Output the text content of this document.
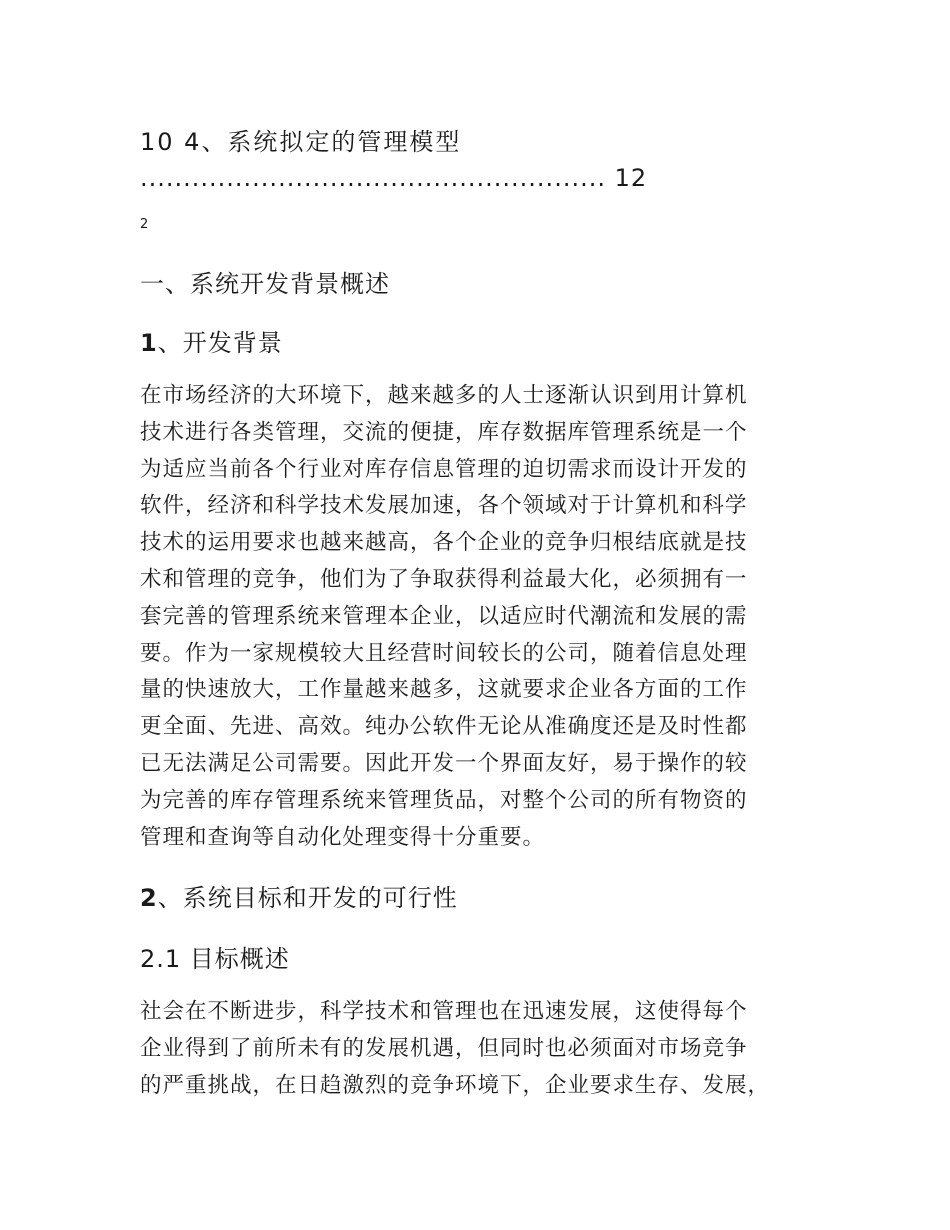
10 4、系统拟定的管理模型
...................................................... 12
2
一、系统开发背景概述
1、开发背景
在市场经济的大环境下，越来越多的人士逐渐认识到用计算机
技术进行各类管理，交流的便捷，库存数据库管理系统是一个
为适应当前各个行业对库存信息管理的迫切需求而设计开发的
软件，经济和科学技术发展加速，各个领域对于计算机和科学
技术的运用要求也越来越高，各个企业的竞争归根结底就是技
术和管理的竞争，他们为了争取获得利益最大化，必须拥有一
套完善的管理系统来管理本企业，以适应时代潮流和发展的需
要。作为一家规模较大且经营时间较长的公司，随着信息处理
量的快速放大，工作量越来越多，这就要求企业各方面的工作
更全面、先进、高效。纯办公软件无论从准确度还是及时性都
已无法满足公司需要。因此开发一个界面友好，易于操作的较
为完善的库存管理系统来管理货品，对整个公司的所有物资的
管理和查询等自动化处理变得十分重要。
2、系统目标和开发的可行性
2.1 目标概述
社会在不断进步，科学技术和管理也在迅速发展，这使得每个
企业得到了前所未有的发展机遇，但同时也必须面对市场竞争
的严重挑战，在日趋激烈的竞争环境下，企业要求生存、发展，
